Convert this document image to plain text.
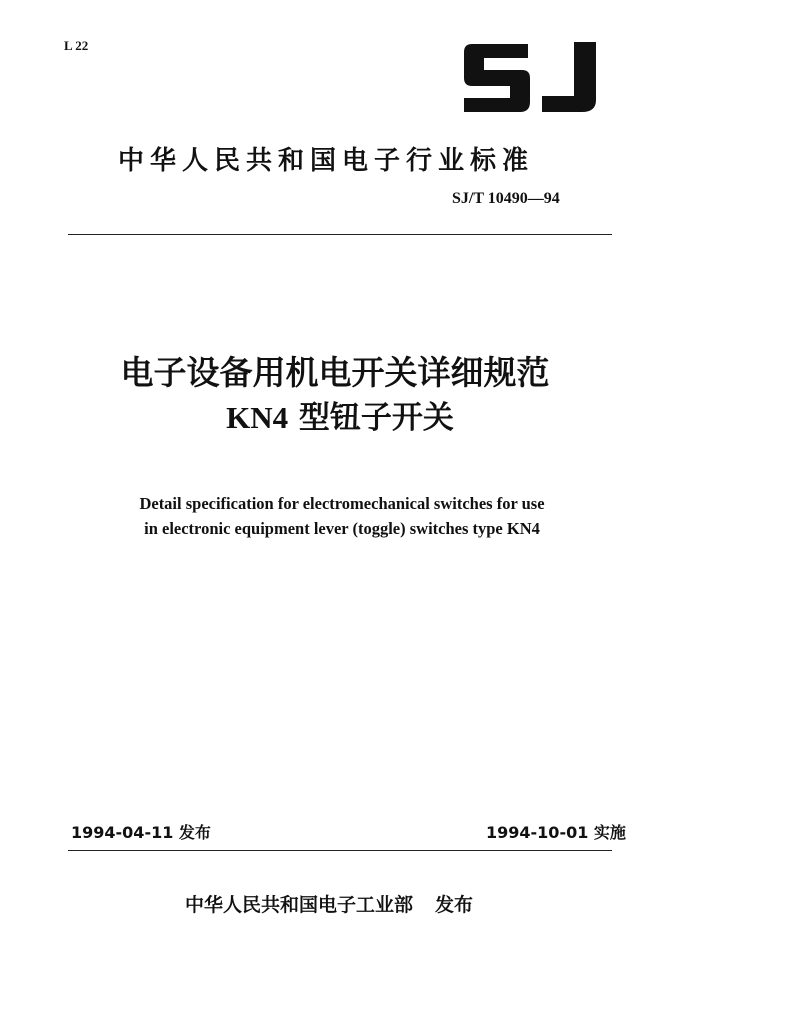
L 22
中华人民共和国电子行业标准
SJ/T 10490—94
电子设备用机电开关详细规范
KN4 型钮子开关
Detail specification for electromechanical switches for use
in electronic equipment lever (toggle) switches type KN4
1994-04-11 发布	1994-10-01 实施
中华人民共和国电子工业部 发布
